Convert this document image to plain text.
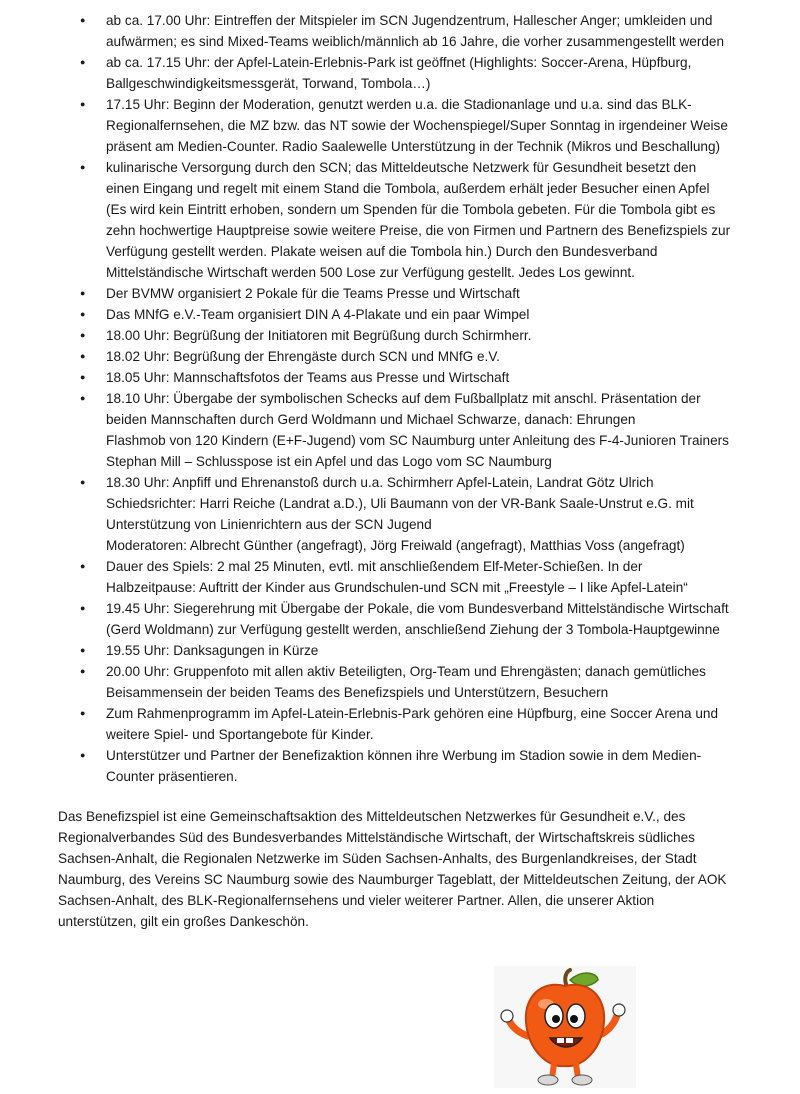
● ab ca. 17.00 Uhr: Eintreffen der Mitspieler im SCN Jugendzentrum, Hallescher Anger; umkleiden und
aufwärmen; es sind Mixed-Teams weiblich/männlich ab 16 Jahre, die vorher zusammengestellt werden
● ab ca. 17.15 Uhr: der Apfel-Latein-Erlebnis-Park ist geöffnet (Highlights: Soccer-Arena, Hüpfburg,
Ballgeschwindigkeitsmessgerät, Torwand, Tombola…)
● 17.15 Uhr: Beginn der Moderation, genutzt werden u.a. die Stadionanlage und u.a. sind das BLK-
Regionalfernsehen, die MZ bzw. das NT sowie der Wochenspiegel/Super Sonntag in irgendeiner Weise
präsent am Medien-Counter. Radio Saalewelle Unterstützung in der Technik (Mikros und Beschallung)
● kulinarische Versorgung durch den SCN; das Mitteldeutsche Netzwerk für Gesundheit besetzt den
einen Eingang und regelt mit einem Stand die Tombola, außerdem erhält jeder Besucher einen Apfel
(Es wird kein Eintritt erhoben, sondern um Spenden für die Tombola gebeten. Für die Tombola gibt es
zehn hochwertige Hauptpreise sowie weitere Preise, die von Firmen und Partnern des Benefizspiels zur
Verfügung gestellt werden. Plakate weisen auf die Tombola hin.) Durch den Bundesverband
Mittelständische Wirtschaft werden 500 Lose zur Verfügung gestellt. Jedes Los gewinnt.
● Der BVMW organisiert 2 Pokale für die Teams Presse und Wirtschaft
● Das MNfG e.V.-Team organisiert DIN A 4-Plakate und ein paar Wimpel
● 18.00 Uhr: Begrüßung der Initiatoren mit Begrüßung durch Schirmherr.
● 18.02 Uhr: Begrüßung der Ehrengäste durch SCN und MNfG e.V.
● 18.05 Uhr: Mannschaftsfotos der Teams aus Presse und Wirtschaft
● 18.10 Uhr: Übergabe der symbolischen Schecks auf dem Fußballplatz mit anschl. Präsentation der
beiden Mannschaften durch Gerd Woldmann und Michael Schwarze, danach: Ehrungen
Flashmob von 120 Kindern (E+F-Jugend) vom SC Naumburg unter Anleitung des F-4-Junioren Trainers
Stephan Mill – Schlusspose ist ein Apfel und das Logo vom SC Naumburg
● 18.30 Uhr: Anpfiff und Ehrenanstoß durch u.a. Schirmherr Apfel-Latein, Landrat Götz Ulrich
Schiedsrichter: Harri Reiche (Landrat a.D.), Uli Baumann von der VR-Bank Saale-Unstrut e.G. mit
Unterstützung von Linienrichtern aus der SCN Jugend
Moderatoren: Albrecht Günther (angefragt), Jörg Freiwald (angefragt), Matthias Voss (angefragt)
● Dauer des Spiels: 2 mal 25 Minuten, evtl. mit anschließendem Elf-Meter-Schießen. In der
Halbzeitpause: Auftritt der Kinder aus Grundschulen-und SCN mit „Freestyle – I like Apfel-Latein“
● 19.45 Uhr: Siegerehrung mit Übergabe der Pokale, die vom Bundesverband Mittelständische Wirtschaft
(Gerd Woldmann) zur Verfügung gestellt werden, anschließend Ziehung der 3 Tombola-Hauptgewinne
● 19.55 Uhr: Danksagungen in Kürze
● 20.00 Uhr: Gruppenfoto mit allen aktiv Beteiligten, Org-Team und Ehrengästen; danach gemütliches
Beisammensein der beiden Teams des Benefizspiels und Unterstützern, Besuchern
● Zum Rahmenprogramm im Apfel-Latein-Erlebnis-Park gehören eine Hüpfburg, eine Soccer Arena und
weitere Spiel- und Sportangebote für Kinder.
● Unterstützer und Partner der Benefizaktion können ihre Werbung im Stadion sowie in dem Medien-
Counter präsentieren.
Das Benefizspiel ist eine Gemeinschaftsaktion des Mitteldeutschen Netzwerkes für Gesundheit e.V., des
Regionalverbandes Süd des Bundesverbandes Mittelständische Wirtschaft, der Wirtschaftskreis südliches
Sachsen-Anhalt, die Regionalen Netzwerke im Süden Sachsen-Anhalts, des Burgenlandkreises, der Stadt
Naumburg, des Vereins SC Naumburg sowie des Naumburger Tageblatt, der Mitteldeutschen Zeitung, der AOK
Sachsen-Anhalt, des BLK-Regionalfernsehens und vieler weiterer Partner. Allen, die unserer Aktion
unterstützen, gilt ein großes Dankeschön.
